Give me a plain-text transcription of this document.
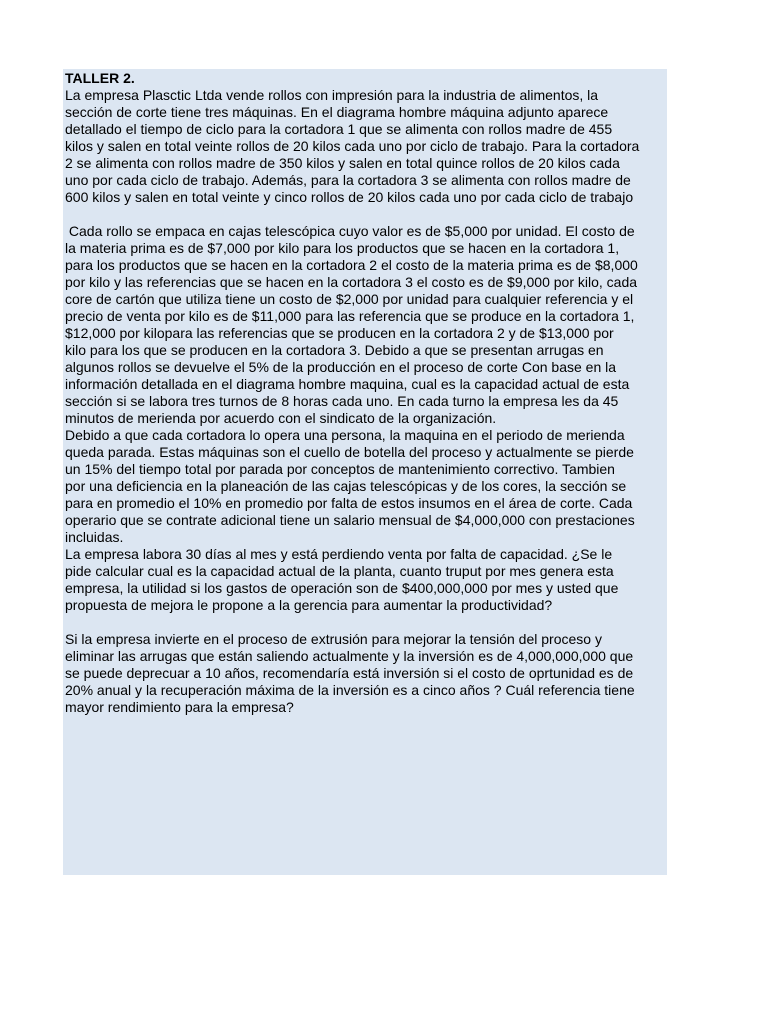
TALLER 2.

La empresa Plasctic Ltda vende rollos con impresión para la industria de alimentos, la
sección de corte tiene tres máquinas. En el diagrama hombre máquina adjunto aparece
detallado el tiempo de ciclo para la cortadora 1 que se alimenta con rollos madre de 455
kilos y salen en total veinte rollos de 20 kilos cada uno por ciclo de trabajo. Para la cortadora
2 se alimenta con rollos madre de 350 kilos y salen en total quince rollos de 20 kilos cada
uno por cada ciclo de trabajo. Además, para la cortadora 3 se alimenta con rollos madre de
600 kilos y salen en total veinte y cinco rollos de 20 kilos cada uno por cada ciclo de trabajo
Cada rollo se empaca en cajas telescópica cuyo valor es de $5,000 por unidad. El costo de
la materia prima es de $7,000 por kilo para los productos que se hacen en la cortadora 1,
para los productos que se hacen en la cortadora 2 el costo de la materia prima es de $8,000
por kilo y las referencias que se hacen en la cortadora 3 el costo es de $9,000 por kilo, cada
core de cartón que utiliza tiene un costo de $2,000 por unidad para cualquier referencia y el
precio de venta por kilo es de $11,000 para las referencia que se produce en la cortadora 1,
$12,000 por kilopara las referencias que se producen en la cortadora 2 y de $13,000 por
kilo para los que se producen en la cortadora 3. Debido a que se presentan arrugas en
algunos rollos se devuelve el 5% de la producción en el proceso de corte Con base en la
información detallada en el diagrama hombre maquina, cual es la capacidad actual de esta
sección si se labora tres turnos de 8 horas cada uno. En cada turno la empresa les da 45
minutos de merienda por acuerdo con el sindicato de la organización.
Debido a que cada cortadora lo opera una persona, la maquina en el periodo de merienda
queda parada. Estas máquinas son el cuello de botella del proceso y actualmente se pierde
un 15% del tiempo total por parada por conceptos de mantenimiento correctivo. Tambien
por una deficiencia en la planeación de las cajas telescópicas y de los cores, la sección se
para en promedio el 10% en promedio por falta de estos insumos en el área de corte. Cada
operario que se contrate adicional tiene un salario mensual de $4,000,000 con prestaciones
incluidas.
La empresa labora 30 días al mes y está perdiendo venta por falta de capacidad. ¿Se le
pide calcular cual es la capacidad actual de la planta, cuanto truput por mes genera esta
empresa, la utilidad si los gastos de operación son de $400,000,000 por mes y usted que
propuesta de mejora le propone a la gerencia para aumentar la productividad?
Si la empresa invierte en el proceso de extrusión para mejorar la tensión del proceso y
eliminar las arrugas que están saliendo actualmente y la inversión es de 4,000,000,000 que
se puede deprecuar a 10 años, recomendaría está inversión si el costo de oprtunidad es de
20% anual y la recuperación máxima de la inversión es a cinco años ? Cuál referencia tiene
mayor rendimiento para la empresa?
